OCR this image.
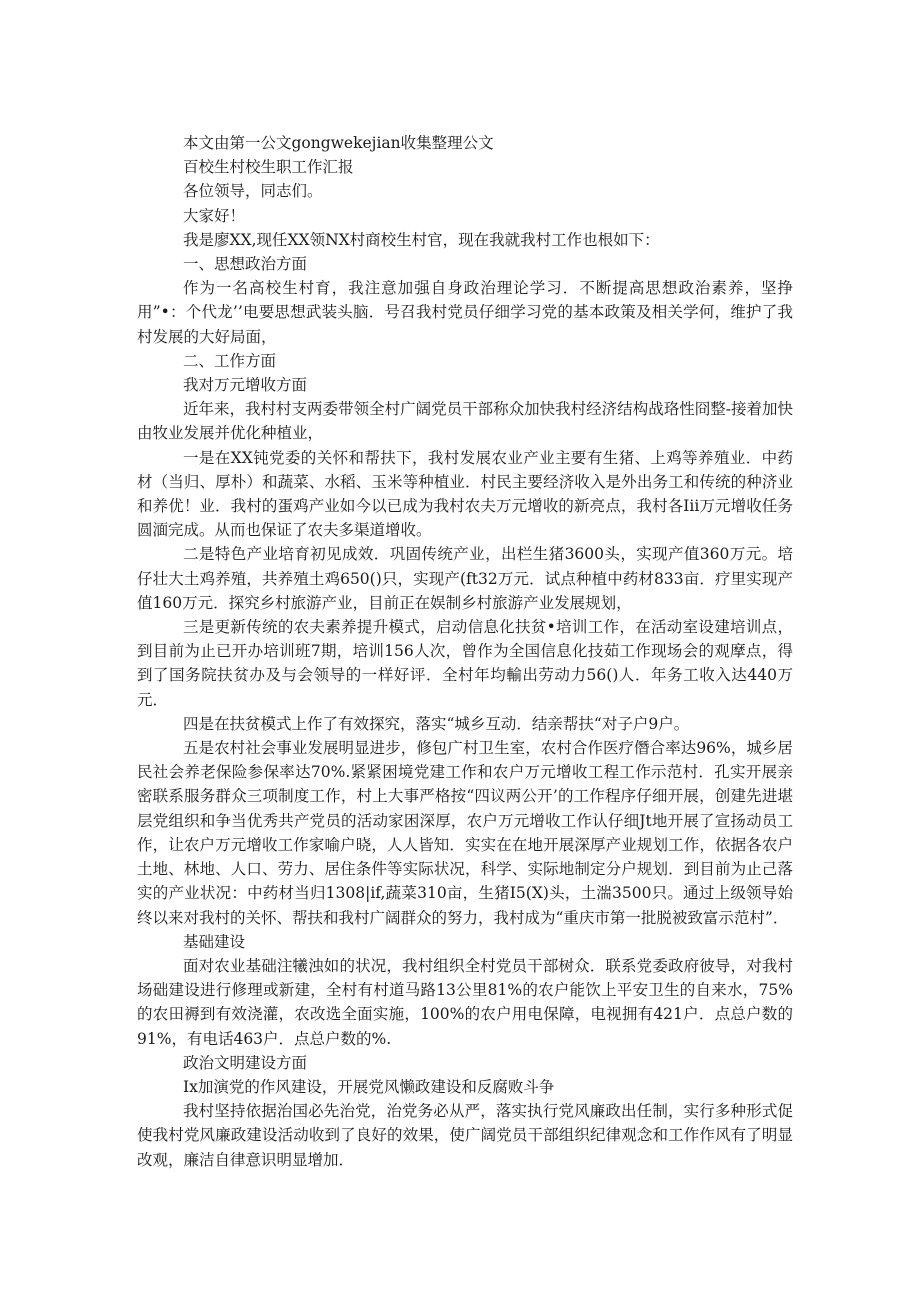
本文由第一公文gongwekejian收集整理公文

百校生村校生职工作汇报

各位领导，同志们。

大家好！

我是廖XX,现任XX领NX村商校生村官，现在我就我村工作也根如下：

一、思想政治方面

作为一名高校生村育，我注意加强自身政治理论学习．不断提高思想政治素养，坚挣用”•：个代龙’’电要思想武装头脑．号召我村党员仔细学习党的基本政策及相关学何，维护了我村发展的大好局面，

二、工作方面

我对万元增收方面

近年来，我村村支两委带领全村广阔党员干部称众加快我村经济结构战珞性冏整-接着加快由牧业发展并优化种植业，

一是在XX钝党委的关怀和帮扶下，我村发展农业产业主要有生猪、上鸡等养殖业．中药材（当归、厚朴）和蔬菜、水稻、玉米等种植业．村民主要经济收入是外出务工和传统的种济业和养优！业．我村的蛋鸡产业如今以已成为我村农夫万元增收的新亮点，我村各Iii万元增收任务圆湎完成。从而也保证了农夫多渠道增收。

二是特色产业培育初见成效．巩固传统产业，出栏生猪3600头，实现产值360万元。培仔壮大土鸡养殖，共养殖土鸡650()只，实现产(ft32万元．试点种植中药材833亩．疗里实现产值160万元．探究乡村旅游产业，目前正在娱制乡村旅游产业发展规划，

三是更新传统的农夫素养提升模式，启动信息化扶贫•培训工作，在活动室设建培训点，到目前为止已开办培训班7期，培训156人次，曾作为全国信息化技茹工作现场会的观摩点，得到了国务院扶贫办及与会领导的一样好评．全村年均輸出劳动力56()人．年务工收入达440万元．

四是在扶贫模式上作了有效探究，落实“城乡互动．结亲帮扶“对子户9户。

五是农村社会事业发展明显进步，修包广村卫生室，农村合作医疗僭合率达96%，城乡居民社会养老保险参保率达70%.紧紧困境党建工作和农户万元增收工程工作示范村．孔实开展亲密联系服务群众三项制度工作，村上大事严格按“四议两公开’的工作程序仔细开展，创建先进堪层党组织和争当优秀共产党员的活动家困深厚，农户万元增收工作认仔细Jt地开展了宣扬动员工作，让农户万元增收工作家喻户晓，人人皆知．实实在在地开展深厚产业规划工作，依据各农户土地、林地、人口、劳力、居住条件等实际状况，科学、实际地制定分户规划．到目前为止己落实的产业状况：中药材当归1308|if,蔬菜310亩，生猪I5(X)头，土湍3500只。通过上级领导始终以来对我村的关怀、帮扶和我村广阔群众的努力，我村成为“重庆市第一批脱被致富示范村”．

基础建设

面对农业基础注犧浊如的状况，我村组织全村党员干部树众．联系党委政府彼导，对我村场础建设进行修理或新建，全村有村道马路13公里81%的农户能饮上平安卫生的自来水，75%的农田褥到有效浇灌，农改选全面实施，100%的农户用电保障，电视拥有421户．点总户数的91%，有电话463户．点总户数的%.

政治文明建设方面

Ix加演党的作风建设，开展党风懒政建设和反腐败斗争

我村坚持依据治国必先治党，治党务必从严，落实执行党风廉政出任制，实行多种形式促使我村党风廉政建设活动收到了良好的效果，使广阔党员干部组织纪律观念和工作作风有了明显改观，廉洁自律意识明显增加．
